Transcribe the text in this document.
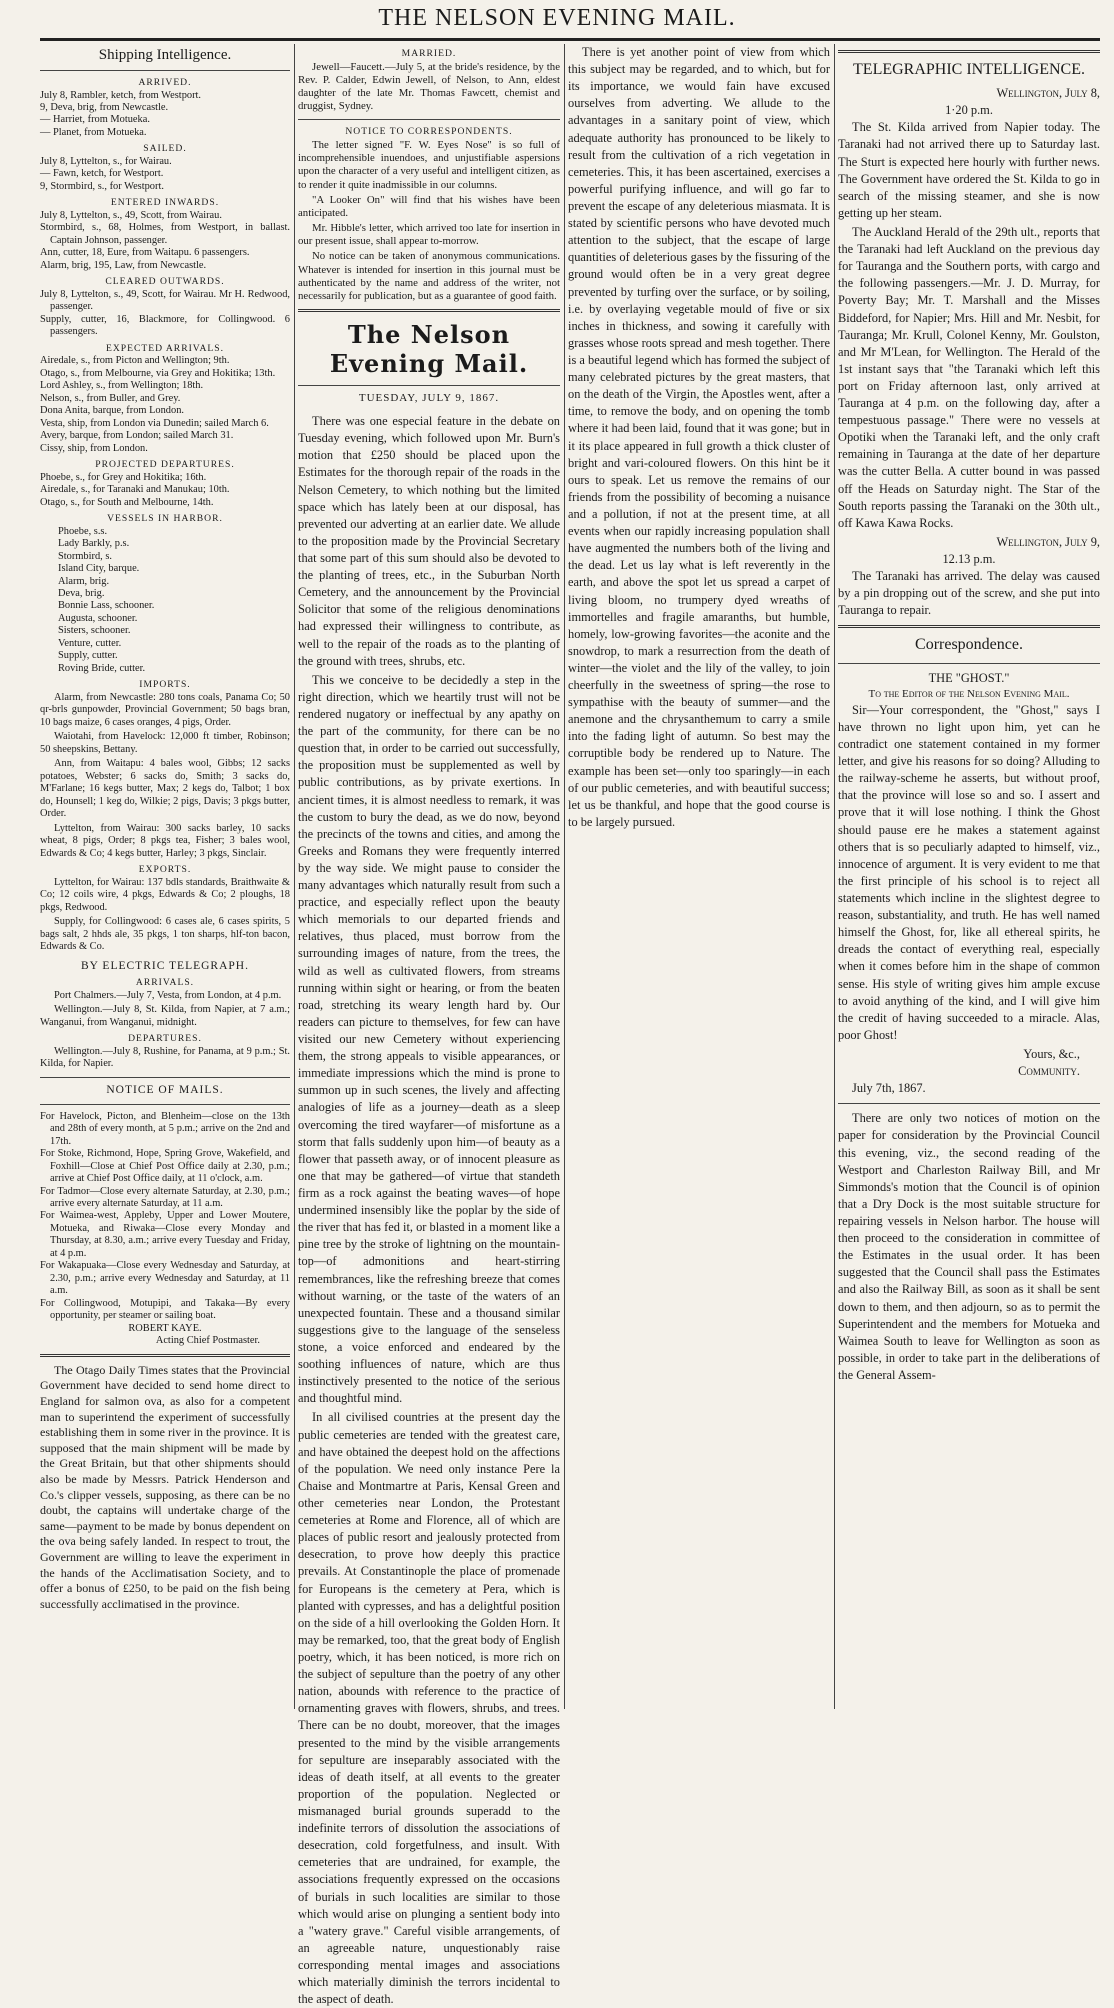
THE NELSON EVENING MAIL.
Shipping Intelligence.
ARRIVED.

July 8, Rambler, ketch, from Westport.

9, Deva, brig, from Newcastle.

— Harriet, from Motueka.

— Planet, from Motueka.

SAILED.

July 8, Lyttelton, s., for Wairau.

— Fawn, ketch, for Westport.

9, Stormbird, s., for Westport.

ENTERED INWARDS.

July 8, Lyttelton, s., 49, Scott, from Wairau.

Stormbird, s., 68, Holmes, from Westport, in ballast. Captain Johnson, passenger.

Ann, cutter, 18, Eure, from Waitapu. 6 passengers.

Alarm, brig, 195, Law, from Newcastle.

CLEARED OUTWARDS.

July 8, Lyttelton, s., 49, Scott, for Wairau. Mr H. Redwood, passenger.

Supply, cutter, 16, Blackmore, for Collingwood. 6 passengers.

EXPECTED ARRIVALS.

Airedale, s., from Picton and Wellington; 9th.

Otago, s., from Melbourne, via Grey and Hokitika; 13th.

Lord Ashley, s., from Wellington; 18th.

Nelson, s., from Buller, and Grey.

Dona Anita, barque, from London.

Vesta, ship, from London via Dunedin; sailed March 6.

Avery, barque, from London; sailed March 31.

Cissy, ship, from London.

PROJECTED DEPARTURES.

Phoebe, s., for Grey and Hokitika; 16th.

Airedale, s., for Taranaki and Manukau; 10th.

Otago, s., for South and Melbourne, 14th.

VESSELS IN HARBOR.

Phoebe, s.s.

Lady Barkly, p.s.

Stormbird, s.

Island City, barque.

Alarm, brig.

Deva, brig.

Bonnie Lass, schooner.

Augusta, schooner.

Sisters, schooner.

Venture, cutter.

Supply, cutter.

Roving Bride, cutter.

IMPORTS.

Alarm, from Newcastle: 280 tons coals, Panama Co; 50 qr-brls gunpowder, Provincial Government; 50 bags bran, 10 bags maize, 6 cases oranges, 4 pigs, Order.

Waiotahi, from Havelock: 12,000 ft timber, Robinson; 50 sheepskins, Bettany.

Ann, from Waitapu: 4 bales wool, Gibbs; 12 sacks potatoes, Webster; 6 sacks do, Smith; 3 sacks do, M'Farlane; 16 kegs butter, Max; 2 kegs do, Talbot; 1 box do, Hounsell; 1 keg do, Wilkie; 2 pigs, Davis; 3 pkgs butter, Order.

Lyttelton, from Wairau: 300 sacks barley, 10 sacks wheat, 8 pigs, Order; 8 pkgs tea, Fisher; 3 bales wool, Edwards & Co; 4 kegs butter, Harley; 3 pkgs, Sinclair.

EXPORTS.

Lyttelton, for Wairau: 137 bdls standards, Braithwaite & Co; 12 coils wire, 4 pkgs, Edwards & Co; 2 ploughs, 18 pkgs, Redwood.

Supply, for Collingwood: 6 cases ale, 6 cases spirits, 5 bags salt, 2 hhds ale, 35 pkgs, 1 ton sharps, hlf-ton bacon, Edwards & Co.

BY ELECTRIC TELEGRAPH.
ARRIVALS.

Port Chalmers.—July 7, Vesta, from London, at 4 p.m.

Wellington.—July 8, St. Kilda, from Napier, at 7 a.m.; Wanganui, from Wanganui, midnight.

DEPARTURES.

Wellington.—July 8, Rushine, for Panama, at 9 p.m.; St. Kilda, for Napier.

NOTICE OF MAILS.

For Havelock, Picton, and Blenheim—close on the 13th and 28th of every month, at 5 p.m.; arrive on the 2nd and 17th.

For Stoke, Richmond, Hope, Spring Grove, Wakefield, and Foxhill—Close at Chief Post Office daily at 2.30, p.m.; arrive at Chief Post Office daily, at 11 o'clock, a.m.

For Tadmor—Close every alternate Saturday, at 2.30, p.m.; arrive every alternate Saturday, at 11 a.m.

For Waimea-west, Appleby, Upper and Lower Moutere, Motueka, and Riwaka—Close every Monday and Thursday, at 8.30, a.m.; arrive every Tuesday and Friday, at 4 p.m.

For Wakapuaka—Close every Wednesday and Saturday, at 2.30, p.m.; arrive every Wednesday and Saturday, at 11 a.m.

For Collingwood, Motupipi, and Takaka—By every opportunity, per steamer or sailing boat.

ROBERT KAYE.

Acting Chief Postmaster.

The Otago Daily Times states that the Provincial Government have decided to send home direct to England for salmon ova, as also for a competent man to superintend the experiment of successfully establishing them in some river in the province. It is supposed that the main shipment will be made by the Great Britain, but that other shipments should also be made by Messrs. Patrick Henderson and Co.'s clipper vessels, supposing, as there can be no doubt, the captains will undertake charge of the same—payment to be made by bonus dependent on the ova being safely landed. In respect to trout, the Government are willing to leave the experiment in the hands of the Acclimatisation Society, and to offer a bonus of £250, to be paid on the fish being successfully acclimatised in the province.

MARRIED.

Jewell—Faucett.—July 5, at the bride's residence, by the Rev. P. Calder, Edwin Jewell, of Nelson, to Ann, eldest daughter of the late Mr. Thomas Fawcett, chemist and druggist, Sydney.

NOTICE TO CORRESPONDENTS.

The letter signed "F. W. Eyes Nose" is so full of incomprehensible inuendoes, and unjustifiable aspersions upon the character of a very useful and intelligent citizen, as to render it quite inadmissible in our columns.

"A Looker On" will find that his wishes have been anticipated.

Mr. Hibble's letter, which arrived too late for insertion in our present issue, shall appear to-morrow.

No notice can be taken of anonymous communications. Whatever is intended for insertion in this journal must be authenticated by the name and address of the writer, not necessarily for publication, but as a guarantee of good faith.

The Nelson Evening Mail.
TUESDAY, JULY 9, 1867.

There was one especial feature in the debate on Tuesday evening, which followed upon Mr. Burn's motion that £250 should be placed upon the Estimates for the thorough repair of the roads in the Nelson Cemetery, to which nothing but the limited space which has lately been at our disposal, has prevented our adverting at an earlier date. We allude to the proposition made by the Provincial Secretary that some part of this sum should also be devoted to the planting of trees, etc., in the Suburban North Cemetery, and the announcement by the Provincial Solicitor that some of the religious denominations had expressed their willingness to contribute, as well to the repair of the roads as to the planting of the ground with trees, shrubs, etc.

This we conceive to be decidedly a step in the right direction, which we heartily trust will not be rendered nugatory or ineffectual by any apathy on the part of the community, for there can be no question that, in order to be carried out successfully, the proposition must be supplemented as well by public contributions, as by private exertions. In ancient times, it is almost needless to remark, it was the custom to bury the dead, as we do now, beyond the precincts of the towns and cities, and among the Greeks and Romans they were frequently interred by the way side. We might pause to consider the many advantages which naturally result from such a practice, and especially reflect upon the beauty which memorials to our departed friends and relatives, thus placed, must borrow from the surrounding images of nature, from the trees, the wild as well as cultivated flowers, from streams running within sight or hearing, or from the beaten road, stretching its weary length hard by. Our readers can picture to themselves, for few can have visited our new Cemetery without experiencing them, the strong appeals to visible appearances, or immediate impressions which the mind is prone to summon up in such scenes, the lively and affecting analogies of life as a journey—death as a sleep overcoming the tired wayfarer—of misfortune as a storm that falls suddenly upon him—of beauty as a flower that passeth away, or of innocent pleasure as one that may be gathered—of virtue that standeth firm as a rock against the beating waves—of hope undermined insensibly like the poplar by the side of the river that has fed it, or blasted in a moment like a pine tree by the stroke of lightning on the mountain-top—of admonitions and heart-stirring remembrances, like the refreshing breeze that comes without warning, or the taste of the waters of an unexpected fountain. These and a thousand similar suggestions give to the language of the senseless stone, a voice enforced and endeared by the soothing influences of nature, which are thus instinctively presented to the notice of the serious and thoughtful mind.

In all civilised countries at the present day the public cemeteries are tended with the greatest care, and have obtained the deepest hold on the affections of the population. We need only instance Pere la Chaise and Montmartre at Paris, Kensal Green and other cemeteries near London, the Protestant cemeteries at Rome and Florence, all of which are places of public resort and jealously protected from desecration, to prove how deeply this practice prevails. At Constantinople the place of promenade for Europeans is the cemetery at Pera, which is planted with cypresses, and has a delightful position on the side of a hill overlooking the Golden Horn. It may be remarked, too, that the great body of English poetry, which, it has been noticed, is more rich on the subject of sepulture than the poetry of any other nation, abounds with reference to the practice of ornamenting graves with flowers, shrubs, and trees. There can be no doubt, moreover, that the images presented to the mind by the visible arrangements for sepulture are inseparably associated with the ideas of death itself, at all events to the greater proportion of the population. Neglected or mismanaged burial grounds superadd to the indefinite terrors of dissolution the associations of desecration, cold forgetfulness, and insult. With cemeteries that are undrained, for example, the associations frequently expressed on the occasions of burials in such localities are similar to those which would arise on plunging a sentient body into a "watery grave." Careful visible arrangements, of an agreeable nature, unquestionably raise corresponding mental images and associations which materially diminish the terrors incidental to the aspect of death.

There is yet another point of view from which this subject may be regarded, and to which, but for its importance, we would fain have excused ourselves from adverting. We allude to the advantages in a sanitary point of view, which adequate authority has pronounced to be likely to result from the cultivation of a rich vegetation in cemeteries. This, it has been ascertained, exercises a powerful purifying influence, and will go far to prevent the escape of any deleterious miasmata. It is stated by scientific persons who have devoted much attention to the subject, that the escape of large quantities of deleterious gases by the fissuring of the ground would often be in a very great degree prevented by turfing over the surface, or by soiling, i.e. by overlaying vegetable mould of five or six inches in thickness, and sowing it carefully with grasses whose roots spread and mesh together. There is a beautiful legend which has formed the subject of many celebrated pictures by the great masters, that on the death of the Virgin, the Apostles went, after a time, to remove the body, and on opening the tomb where it had been laid, found that it was gone; but in it its place appeared in full growth a thick cluster of bright and vari-coloured flowers. On this hint be it ours to speak. Let us remove the remains of our friends from the possibility of becoming a nuisance and a pollution, if not at the present time, at all events when our rapidly increasing population shall have augmented the numbers both of the living and the dead. Let us lay what is left reverently in the earth, and above the spot let us spread a carpet of living bloom, no trumpery dyed wreaths of immortelles and fragile amaranths, but humble, homely, low-growing favorites—the aconite and the snowdrop, to mark a resurrection from the death of winter—the violet and the lily of the valley, to join cheerfully in the sweetness of spring—the rose to sympathise with the beauty of summer—and the anemone and the chrysanthemum to carry a smile into the fading light of autumn. So best may the corruptible body be rendered up to Nature. The example has been set—only too sparingly—in each of our public cemeteries, and with beautiful success; let us be thankful, and hope that the good course is to be largely pursued.

TELEGRAPHIC INTELLIGENCE.

Wellington, July 8,

1·20 p.m.

The St. Kilda arrived from Napier today. The Taranaki had not arrived there up to Saturday last. The Sturt is expected here hourly with further news. The Government have ordered the St. Kilda to go in search of the missing steamer, and she is now getting up her steam.

The Auckland Herald of the 29th ult., reports that the Taranaki had left Auckland on the previous day for Tauranga and the Southern ports, with cargo and the following passengers.—Mr. J. D. Murray, for Poverty Bay; Mr. T. Marshall and the Misses Biddeford, for Napier; Mrs. Hill and Mr. Nesbit, for Tauranga; Mr. Krull, Colonel Kenny, Mr. Goulston, and Mr M'Lean, for Wellington. The Herald of the 1st instant says that "the Taranaki which left this port on Friday afternoon last, only arrived at Tauranga at 4 p.m. on the following day, after a tempestuous passage." There were no vessels at Opotiki when the Taranaki left, and the only craft remaining in Tauranga at the date of her departure was the cutter Bella. A cutter bound in was passed off the Heads on Saturday night. The Star of the South reports passing the Taranaki on the 30th ult., off Kawa Kawa Rocks.

Wellington, July 9,

12.13 p.m.

The Taranaki has arrived. The delay was caused by a pin dropping out of the screw, and she put into Tauranga to repair.

Correspondence.

THE "GHOST."

To the Editor of the Nelson Evening Mail.

Sir—Your correspondent, the "Ghost," says I have thrown no light upon him, yet can he contradict one statement contained in my former letter, and give his reasons for so doing? Alluding to the railway-scheme he asserts, but without proof, that the province will lose so and so. I assert and prove that it will lose nothing. I think the Ghost should pause ere he makes a statement against others that is so peculiarly adapted to himself, viz., innocence of argument. It is very evident to me that the first principle of his school is to reject all statements which incline in the slightest degree to reason, substantiality, and truth. He has well named himself the Ghost, for, like all ethereal spirits, he dreads the contact of everything real, especially when it comes before him in the shape of common sense. His style of writing gives him ample excuse to avoid anything of the kind, and I will give him the credit of having succeeded to a miracle. Alas, poor Ghost!

Yours, &c.,

Community.

July 7th, 1867.

There are only two notices of motion on the paper for consideration by the Provincial Council this evening, viz., the second reading of the Westport and Charleston Railway Bill, and Mr Simmonds's motion that the Council is of opinion that a Dry Dock is the most suitable structure for repairing vessels in Nelson harbor. The house will then proceed to the consideration in committee of the Estimates in the usual order. It has been suggested that the Council shall pass the Estimates and also the Railway Bill, as soon as it shall be sent down to them, and then adjourn, so as to permit the Superintendent and the members for Motueka and Waimea South to leave for Wellington as soon as possible, in order to take part in the deliberations of the General Assem-
